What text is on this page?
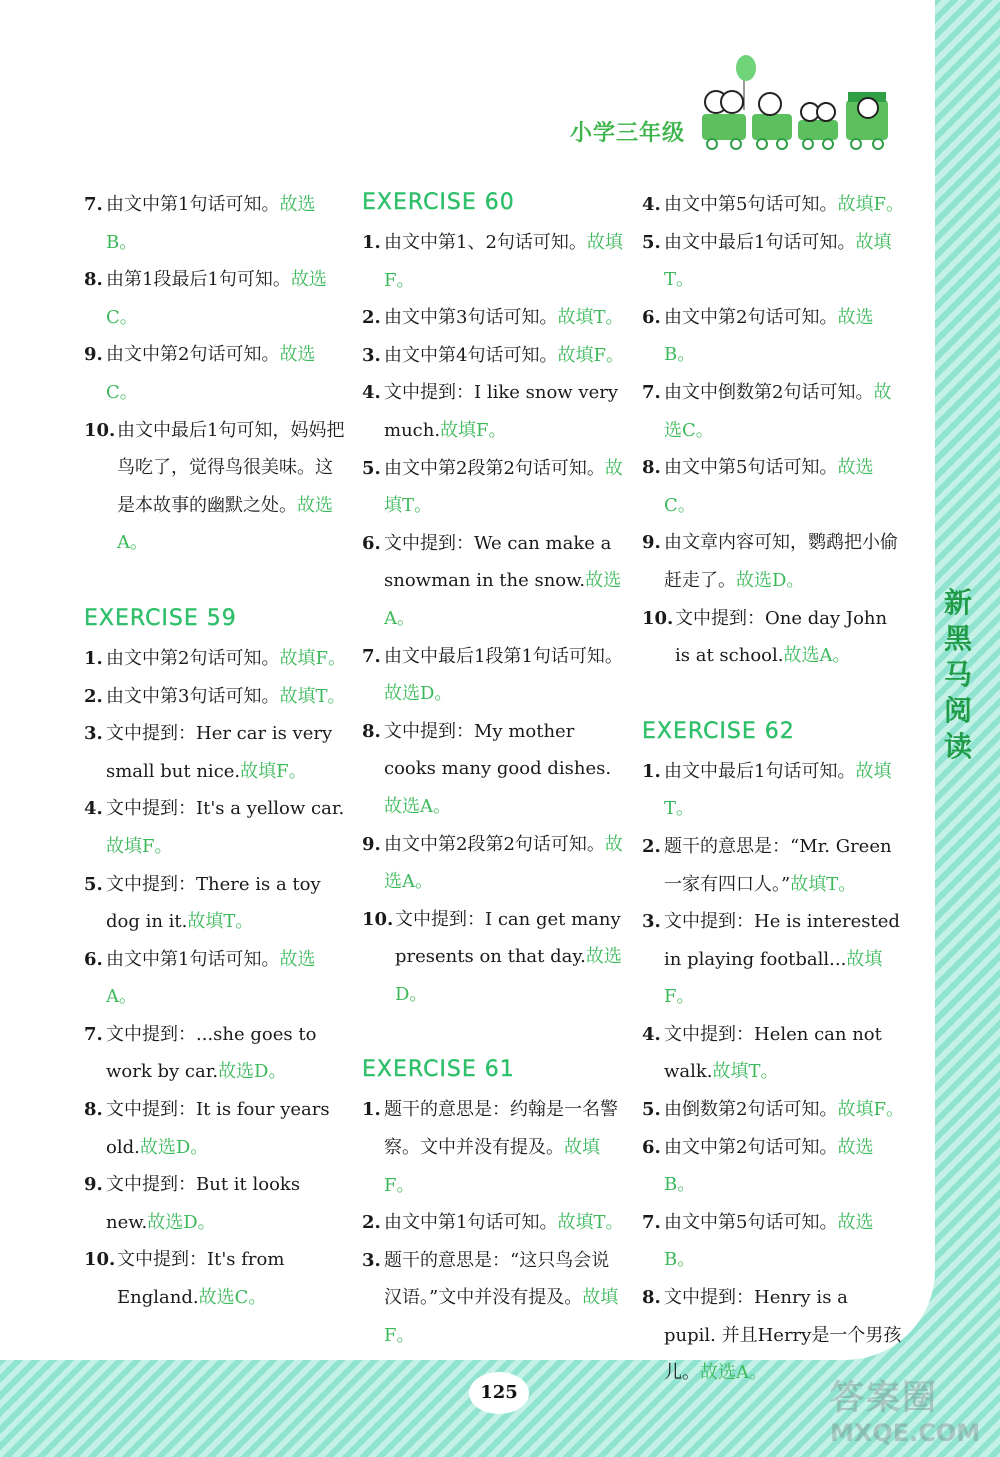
小学三年级
新黑马阅读
7. 由文中第1句话可知。故选B。
8. 由第1段最后1句可知。故选C。
9. 由文中第2句话可知。故选C。
10. 由文中最后1句可知，妈妈把鸟吃了，觉得鸟很美味。这是本故事的幽默之处。故选A。
EXERCISE 59
1. 由文中第2句话可知。故填F。
2. 由文中第3句话可知。故填T。
3. 文中提到：Her car is very small but nice.故填F。
4. 文中提到：It's a yellow car.故填F。
5. 文中提到：There is a toy dog in it.故填T。
6. 由文中第1句话可知。故选A。
7. 文中提到：...she goes to work by car.故选D。
8. 文中提到：It is four years old.故选D。
9. 文中提到：But it looks new.故选D。
10. 文中提到：It's from England.故选C。
EXERCISE 60
1. 由文中第1、2句话可知。故填F。
2. 由文中第3句话可知。故填T。
3. 由文中第4句话可知。故填F。
4. 文中提到：I like snow very much.故填F。
5. 由文中第2段第2句话可知。故填T。
6. 文中提到：We can make a snowman in the snow.故选A。
7. 由文中最后1段第1句话可知。故选D。
8. 文中提到：My mother cooks many good dishes.故选A。
9. 由文中第2段第2句话可知。故选A。
10. 文中提到：I can get many presents on that day.故选D。
EXERCISE 61
1. 题干的意思是：约翰是一名警察。文中并没有提及。故填F。
2. 由文中第1句话可知。故填T。
3. 题干的意思是：“这只鸟会说汉语。”文中并没有提及。故填F。
4. 由文中第5句话可知。故填F。
5. 由文中最后1句话可知。故填T。
6. 由文中第2句话可知。故选B。
7. 由文中倒数第2句话可知。故选C。
8. 由文中第5句话可知。故选C。
9. 由文章内容可知，鹦鹉把小偷赶走了。故选D。
10. 文中提到：One day John is at school.故选A。
EXERCISE 62
1. 由文中最后1句话可知。故填T。
2. 题干的意思是：“Mr. Green一家有四口人。”故填T。
3. 文中提到：He is interested in playing football...故填F。
4. 文中提到：Helen can not walk.故填T。
5. 由倒数第2句话可知。故填F。
6. 由文中第2句话可知。故选B。
7. 由文中第5句话可知。故选B。
8. 文中提到：Henry is a pupil. 并且Herry是一个男孩儿。故选A。
125	答案圈
MXQE.COM
